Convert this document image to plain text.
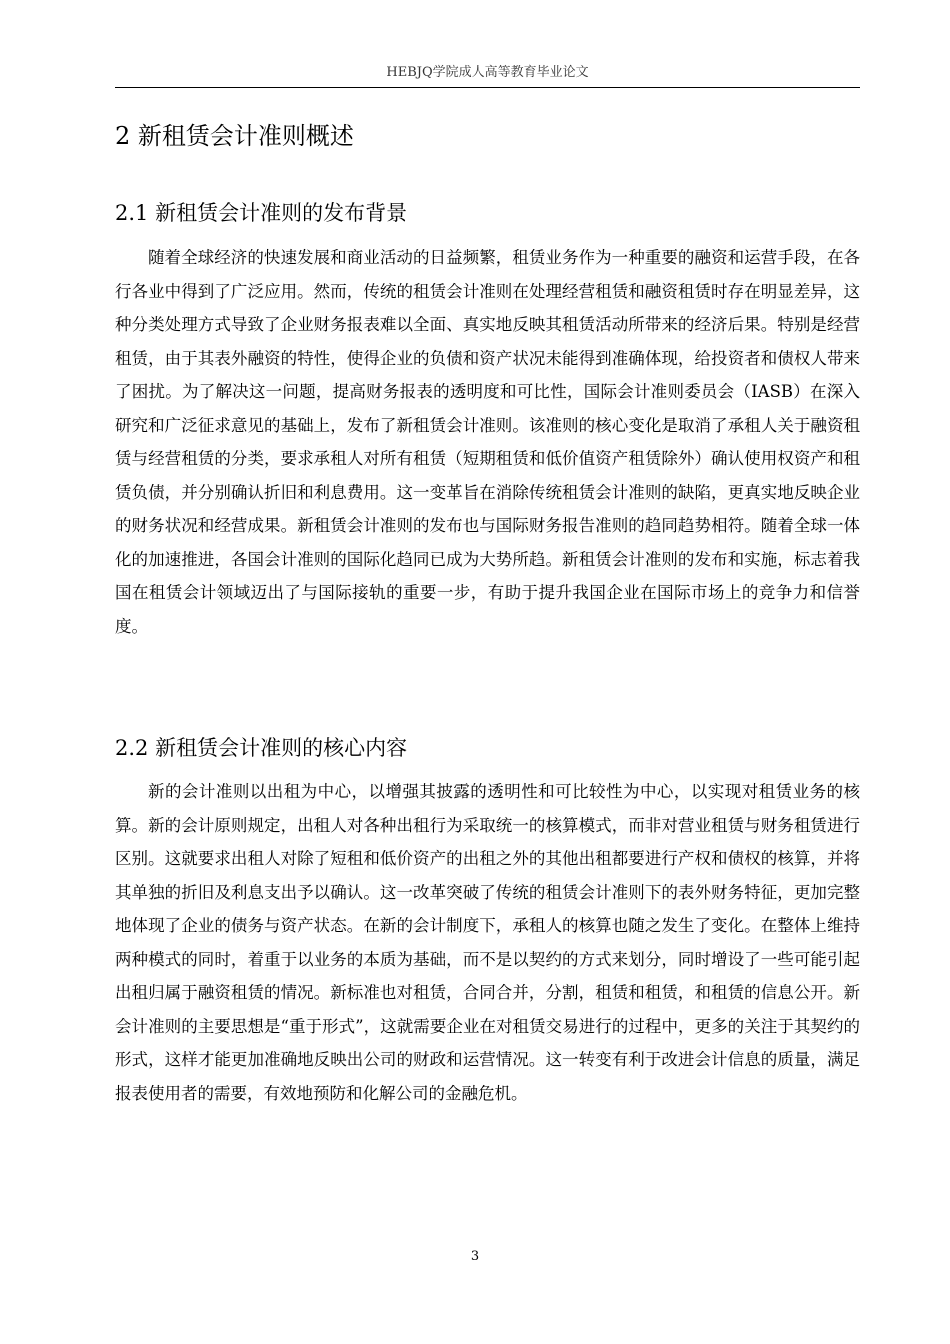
HEBJQ学院成人高等教育毕业论文
2 新租赁会计准则概述
2.1 新租赁会计准则的发布背景

随着全球经济的快速发展和商业活动的日益频繁，租赁业务作为一种重要的融资和运营手段，在各行各业中得到了广泛应用。然而，传统的租赁会计准则在处理经营租赁和融资租赁时存在明显差异，这种分类处理方式导致了企业财务报表难以全面、真实地反映其租赁活动所带来的经济后果。特别是经营租赁，由于其表外融资的特性，使得企业的负债和资产状况未能得到准确体现，给投资者和债权人带来了困扰。为了解决这一问题，提高财务报表的透明度和可比性，国际会计准则委员会（IASB）在深入研究和广泛征求意见的基础上，发布了新租赁会计准则。该准则的核心变化是取消了承租人关于融资租赁与经营租赁的分类，要求承租人对所有租赁（短期租赁和低价值资产租赁除外）确认使用权资产和租赁负债，并分别确认折旧和利息费用。这一变革旨在消除传统租赁会计准则的缺陷，更真实地反映企业的财务状况和经营成果。新租赁会计准则的发布也与国际财务报告准则的趋同趋势相符。随着全球一体化的加速推进，各国会计准则的国际化趋同已成为大势所趋。新租赁会计准则的发布和实施，标志着我国在租赁会计领域迈出了与国际接轨的重要一步，有助于提升我国企业在国际市场上的竞争力和信誉度。

2.2 新租赁会计准则的核心内容

新的会计准则以出租为中心，以增强其披露的透明性和可比较性为中心，以实现对租赁业务的核算。新的会计原则规定，出租人对各种出租行为采取统一的核算模式，而非对营业租赁与财务租赁进行区别。这就要求出租人对除了短租和低价资产的出租之外的其他出租都要进行产权和债权的核算，并将其单独的折旧及利息支出予以确认。这一改革突破了传统的租赁会计准则下的表外财务特征，更加完整地体现了企业的债务与资产状态。在新的会计制度下，承租人的核算也随之发生了变化。在整体上维持两种模式的同时，着重于以业务的本质为基础，而不是以契约的方式来划分，同时增设了一些可能引起出租归属于融资租赁的情况。新标准也对租赁，合同合并，分割，租赁和租赁，和租赁的信息公开。新会计准则的主要思想是“重于形式”，这就需要企业在对租赁交易进行的过程中，更多的关注于其契约的形式，这样才能更加准确地反映出公司的财政和运营情况。这一转变有利于改进会计信息的质量，满足报表使用者的需要，有效地预防和化解公司的金融危机。

3
